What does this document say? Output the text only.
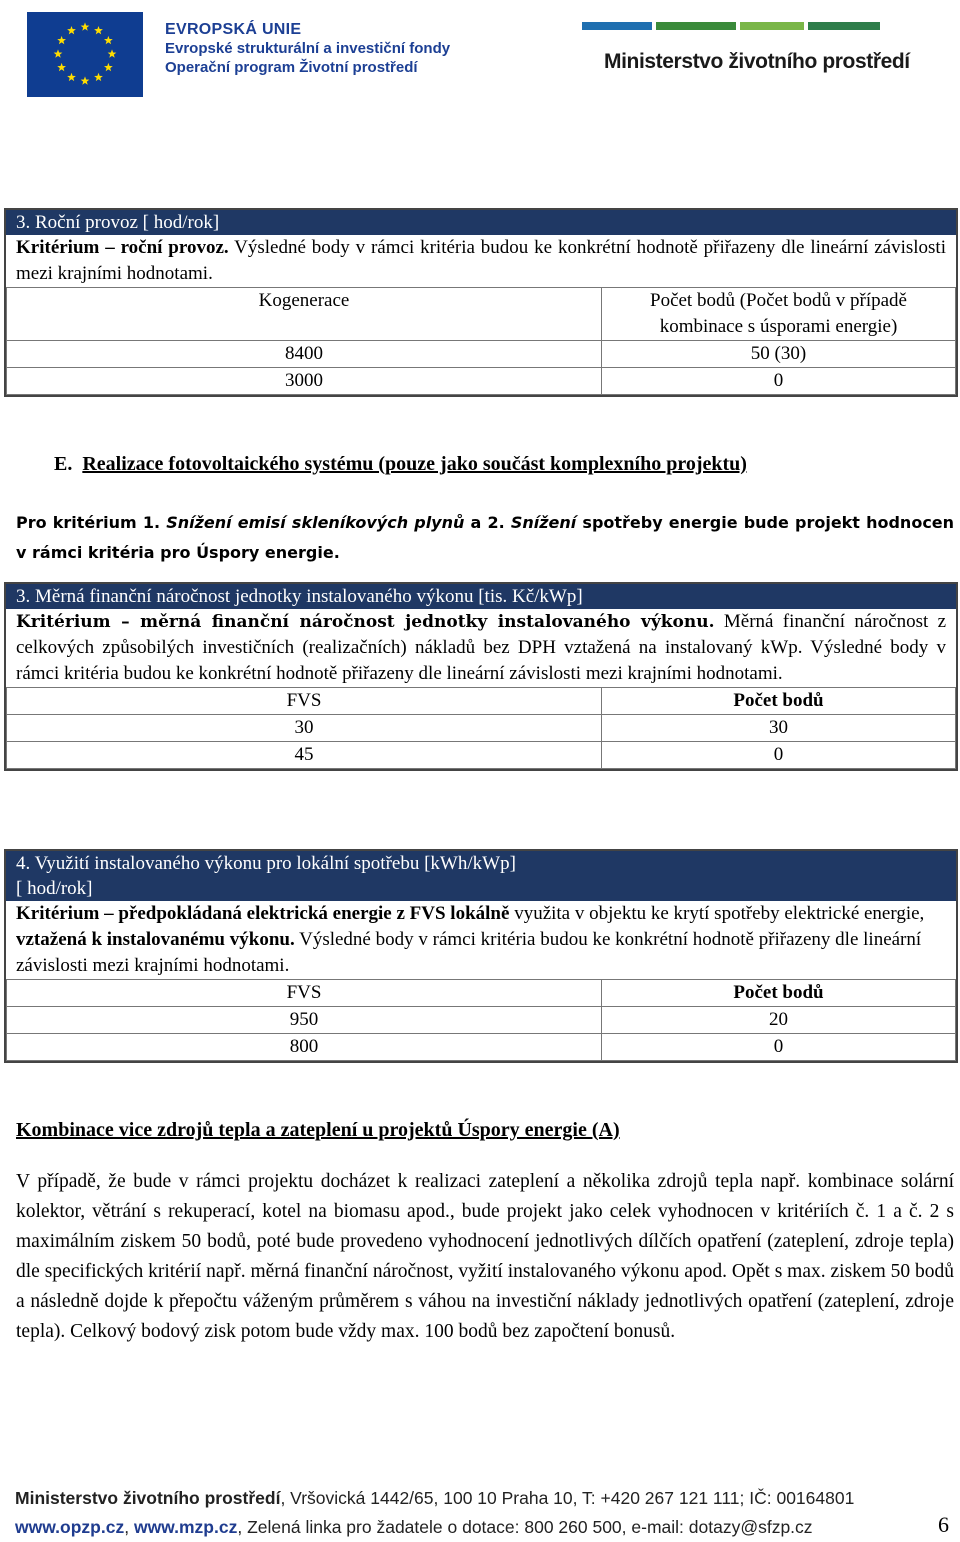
EVROPSKÁ UNIE
Evropské strukturální a investiční fondy
Operační program Životní prostředí	Ministerstvo životního prostředí
3. Roční provoz [ hod/rok]
Kritérium – roční provoz. Výsledné body v rámci kritéria budou ke konkrétní hodnotě přiřazeny dle lineární závislosti mezi krajními hodnotami.
Kogenerace	Počet bodů (Počet bodů v případě
kombinace s úsporami energie)
8400	50 (30)
3000	0
E. Realizace fotovoltaického systému (pouze jako součást komplexního projektu)
Pro kritérium 1. Snížení emisí skleníkových plynů a 2. Snížení spotřeby energie bude projekt hodnocen v rámci kritéria pro Úspory energie.
3. Měrná finanční náročnost jednotky instalovaného výkonu [tis. Kč/kWp]
Kritérium – měrná finanční náročnost jednotky instalovaného výkonu. Měrná finanční náročnost z celkových způsobilých investičních (realizačních) nákladů bez DPH vztažená na instalovaný kWp. Výsledné body v rámci kritéria budou ke konkrétní hodnotě přiřazeny dle lineární závislosti mezi krajními hodnotami.
FVS	Počet bodů
30	30
45	0
4. Využití instalovaného výkonu pro lokální spotřebu [kWh/kWp]
[ hod/rok]
Kritérium – předpokládaná elektrická energie z FVS lokálně využita v objektu ke krytí spotřeby elektrické energie, vztažená k instalovanému výkonu. Výsledné body v rámci kritéria budou ke konkrétní hodnotě přiřazeny dle lineární závislosti mezi krajními hodnotami.
FVS	Počet bodů
950	20
800	0
Kombinace vice zdrojů tepla a zateplení u projektů Úspory energie (A)
V případě, že bude v rámci projektu docházet k realizaci zateplení a několika zdrojů tepla např. kombinace solární kolektor, větrání s rekuperací, kotel na biomasu apod., bude projekt jako celek vyhodnocen v kritériích č. 1 a č. 2 s maximálním ziskem 50 bodů, poté bude provedeno vyhodnocení jednotlivých dílčích opatření (zateplení, zdroje tepla) dle specifických kritérií např. měrná finanční náročnost, vyžití instalovaného výkonu apod. Opět s max. ziskem 50 bodů a následně dojde k přepočtu váženým průměrem s váhou na investiční náklady jednotlivých opatření (zateplení, zdroje tepla). Celkový bodový zisk potom bude vždy max. 100 bodů bez započtení bonusů.
Ministerstvo životního prostředí, Vršovická 1442/65, 100 10 Praha 10, T: +420 267 121 111; IČ: 00164801
www.opzp.cz, www.mzp.cz, Zelená linka pro žadatele o dotace: 800 260 500, e-mail: dotazy@sfzp.cz	6
